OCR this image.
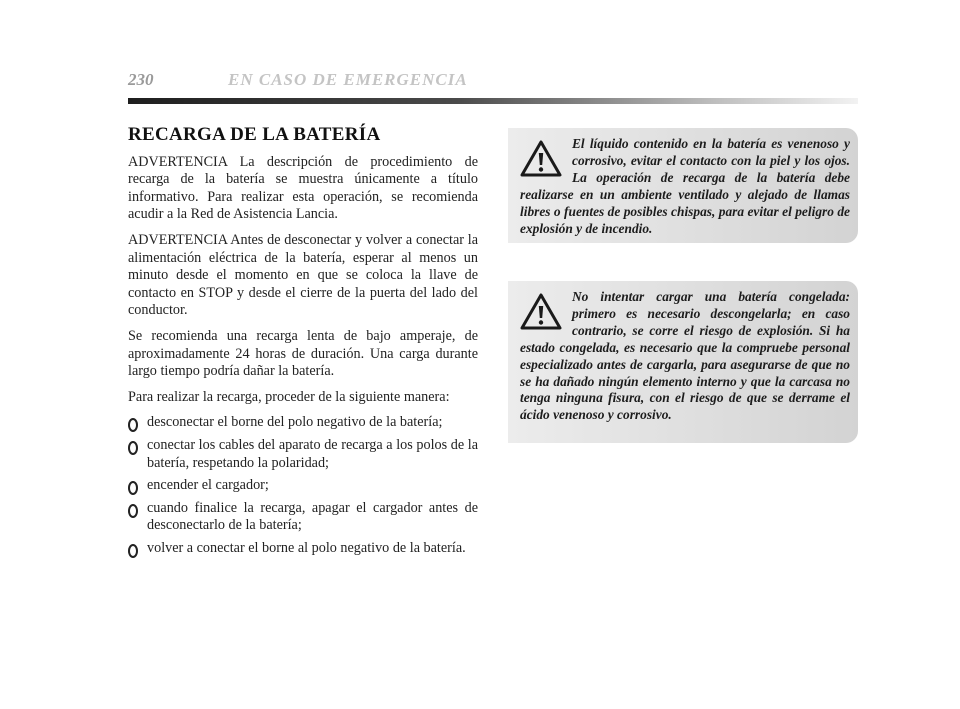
230	EN CASO DE EMERGENCIA
RECARGA DE LA BATERÍA

ADVERTENCIA La descripción de procedimiento de recarga de la batería se muestra únicamente a título informativo. Para realizar esta operación, se recomienda acudir a la Red de Asistencia Lancia.

ADVERTENCIA Antes de desconectar y volver a conectar la alimentación eléctrica de la batería, esperar al menos un minuto desde el momento en que se coloca la llave de contacto en STOP y desde el cierre de la puerta del lado del conductor.

Se recomienda una recarga lenta de bajo amperaje, de aproximadamente 24 horas de duración. Una carga durante largo tiempo podría dañar la batería.

Para realizar la recarga, proceder de la siguiente manera:

desconectar el borne del polo negativo de la batería;
conectar los cables del aparato de recarga a los polos de la batería, respetando la polaridad;
encender el cargador;
cuando finalice la recarga, apagar el cargador antes de desconectarlo de la batería;
volver a conectar el borne al polo negativo de la batería.
El líquido contenido en la batería es venenoso y corrosivo, evitar el contacto con la piel y los ojos. La operación de recarga de la batería debe realizarse en un ambiente ventilado y alejado de llamas libres o fuentes de posibles chispas, para evitar el peligro de explosión y de incendio.
No intentar cargar una batería congelada: primero es necesario descongelarla; en caso contrario, se corre el riesgo de explosión. Si ha estado congelada, es necesario que la compruebe personal especializado antes de cargarla, para asegurarse de que no se ha dañado ningún elemento interno y que la carcasa no tenga ninguna fisura, con el riesgo de que se derrame el ácido venenoso y corrosivo.
